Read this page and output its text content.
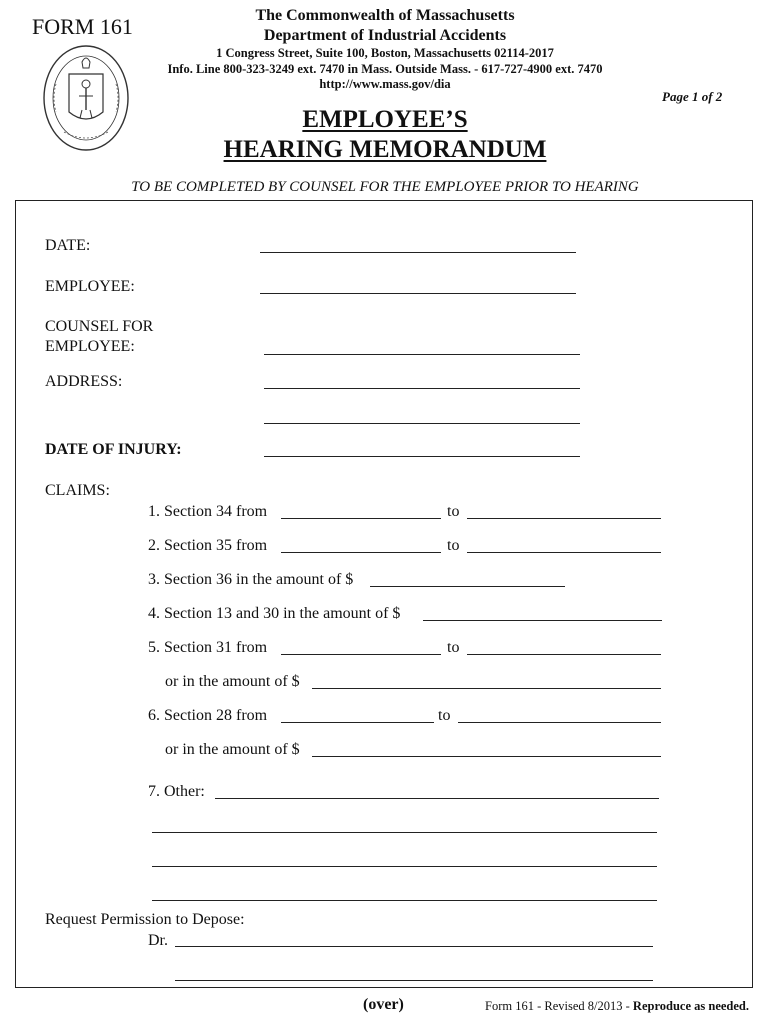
FORM 161	The Commonwealth of Massachusetts
Department of Industrial Accidents
1 Congress Street, Suite 100, Boston, Massachusetts 02114-2017
Info. Line 800-323-3249 ext. 7470 in Mass. Outside Mass. - 617-727-4900 ext. 7470
http://www.mass.gov/dia
Page 1 of 2
EMPLOYEE’S
HEARING MEMORANDUM
TO BE COMPLETED BY COUNSEL FOR THE EMPLOYEE PRIOR TO HEARING
DATE:
EMPLOYEE:
COUNSEL FOR
EMPLOYEE:
ADDRESS:
DATE OF INJURY:
CLAIMS:
1. Section 34 from	to
2. Section 35 from	to
3. Section 36 in the amount of $
4. Section 13 and 30 in the amount of $
5. Section 31 from	to
or in the amount of $
6. Section 28 from	to
or in the amount of $
7. Other:
Request Permission to Depose:
Dr.
(over)	Form 161 - Revised 8/2013 - Reproduce as needed.
